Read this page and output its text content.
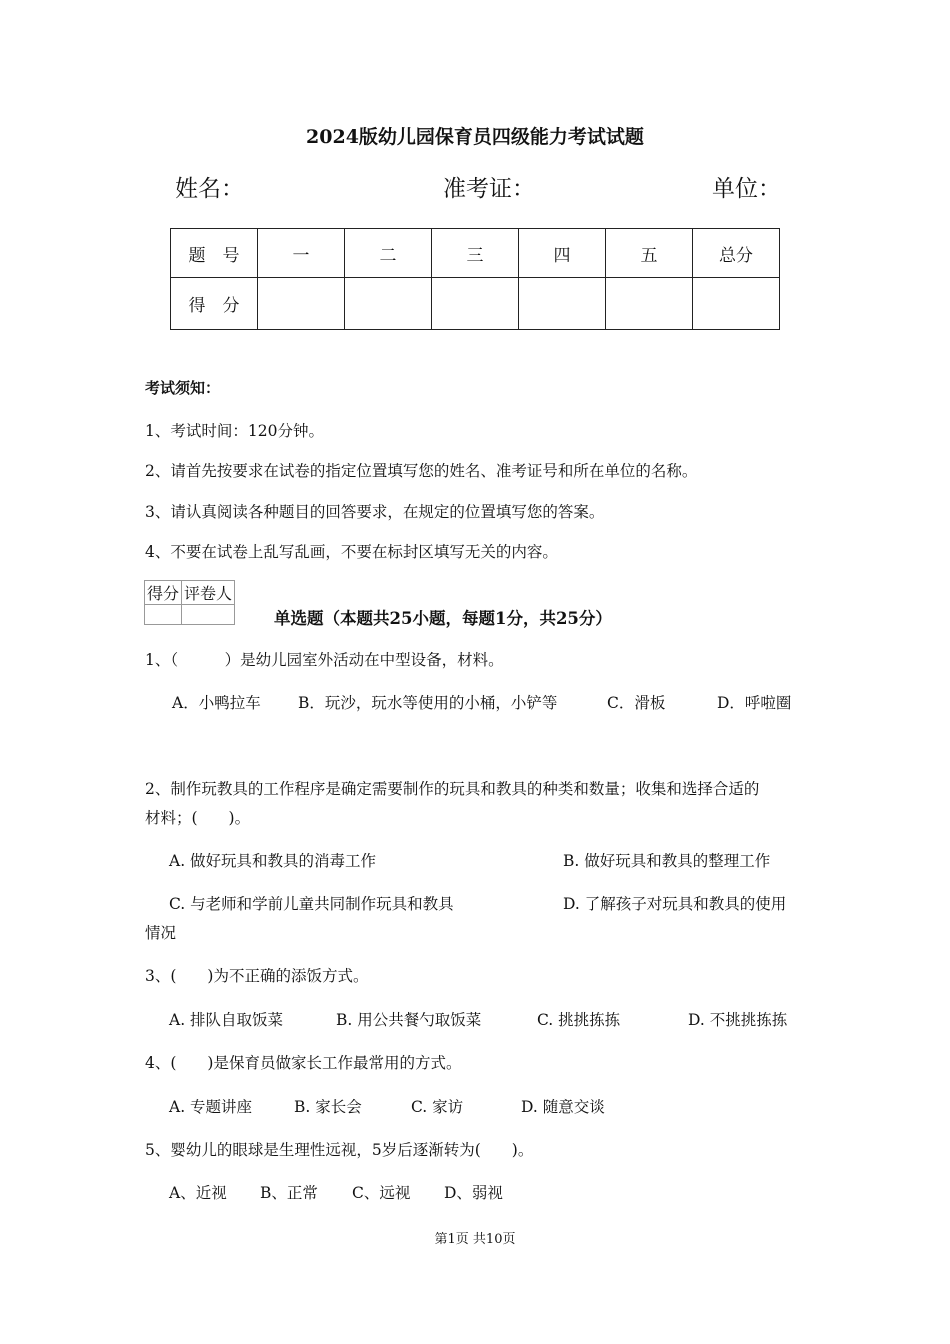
2024版幼儿园保育员四级能力考试试题
姓名：	准考证：	单位：
题　号	一	二	三	四	五	总分
得　分						
考试须知：
1、考试时间：120分钟。
2、请首先按要求在试卷的指定位置填写您的姓名、准考证号和所在单位的名称。
3、请认真阅读各种题目的回答要求，在规定的位置填写您的答案。
4、不要在试卷上乱写乱画，不要在标封区填写无关的内容。
得分	评卷人

单选题（本题共25小题，每题1分，共25分）
1、（　　　）是幼儿园室外活动在中型设备，材料。
A．小鸭拉车 B．玩沙，玩水等使用的小桶，小铲等	C．滑板	D．呼啦圈
2、制作玩教具的工作程序是确定需要制作的玩具和教具的种类和数量；收集和选择合适的
材料；(　　)。
A. 做好玩具和教具的消毒工作	B. 做好玩具和教具的整理工作
C. 与老师和学前儿童共同制作玩具和教具	D. 了解孩子对玩具和教具的使用
情况
3、(　　)为不正确的添饭方式。
A. 排队自取饭菜	B. 用公共餐勺取饭菜	C. 挑挑拣拣	D. 不挑挑拣拣
4、(　　)是保育员做家长工作最常用的方式。
A. 专题讲座	B. 家长会	C. 家访	D. 随意交谈
5、婴幼儿的眼球是生理性远视，5岁后逐渐转为(　　)。
A、近视 B、正常 C、远视 D、弱视
第1页 共10页
